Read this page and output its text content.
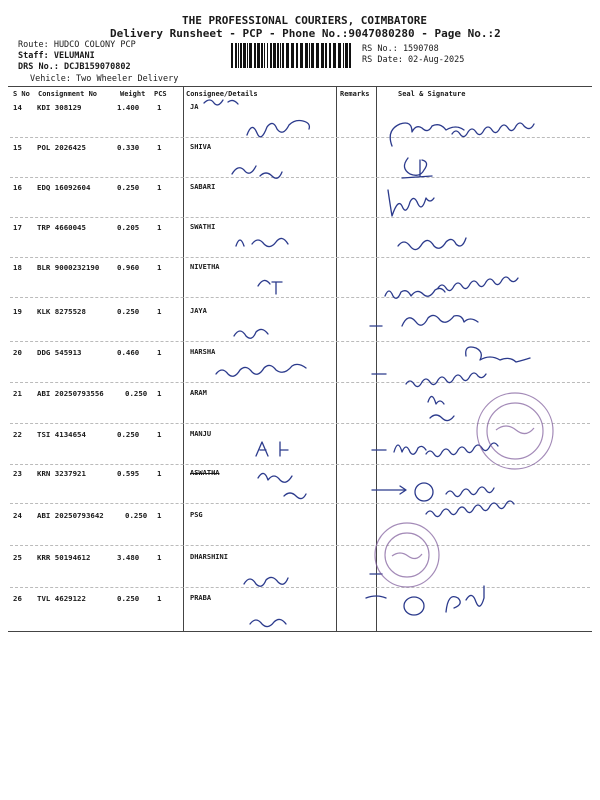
THE PROFESSIONAL COURIERS, COIMBATORE
Delivery Runsheet - PCP - Phone No.:9047080280 - Page No.:2
Route: HUDCO COLONY PCP
Staff: VELUMANI
DRS No.: DCJB159070802
Vehicle: Two Wheeler Delivery
RS No.: 1590708
RS Date: 02-Aug-2025
S No Consignment No	Weight PCS	Consignee/Details	Remarks	Seal & Signature
14 KDI 308129	1.400 1	JA
15 POL 2026425	0.330 1	SHIVA
16 EDQ 16092604	0.250 1	SABARI
17 TRP 4660045	0.205 1	SWATHI
18 BLR 9000232190 0.960 1	NIVETHA
19 KLK 8275528	0.250 1	JAYA
20 DDG 545913	0.460 1	HARSHA
21 ABI 20250793556	0.250 1	ARAM
22 TSI 4134654	0.250 1	MANJU
23 KRN 3237921	0.595 1	ASWATHA
24 ABI 20250793642	0.250 1	PSG
25 KRR 50194612	3.480 1	DHARSHINI
26 TVL 4629122	0.250 1	PRABA
